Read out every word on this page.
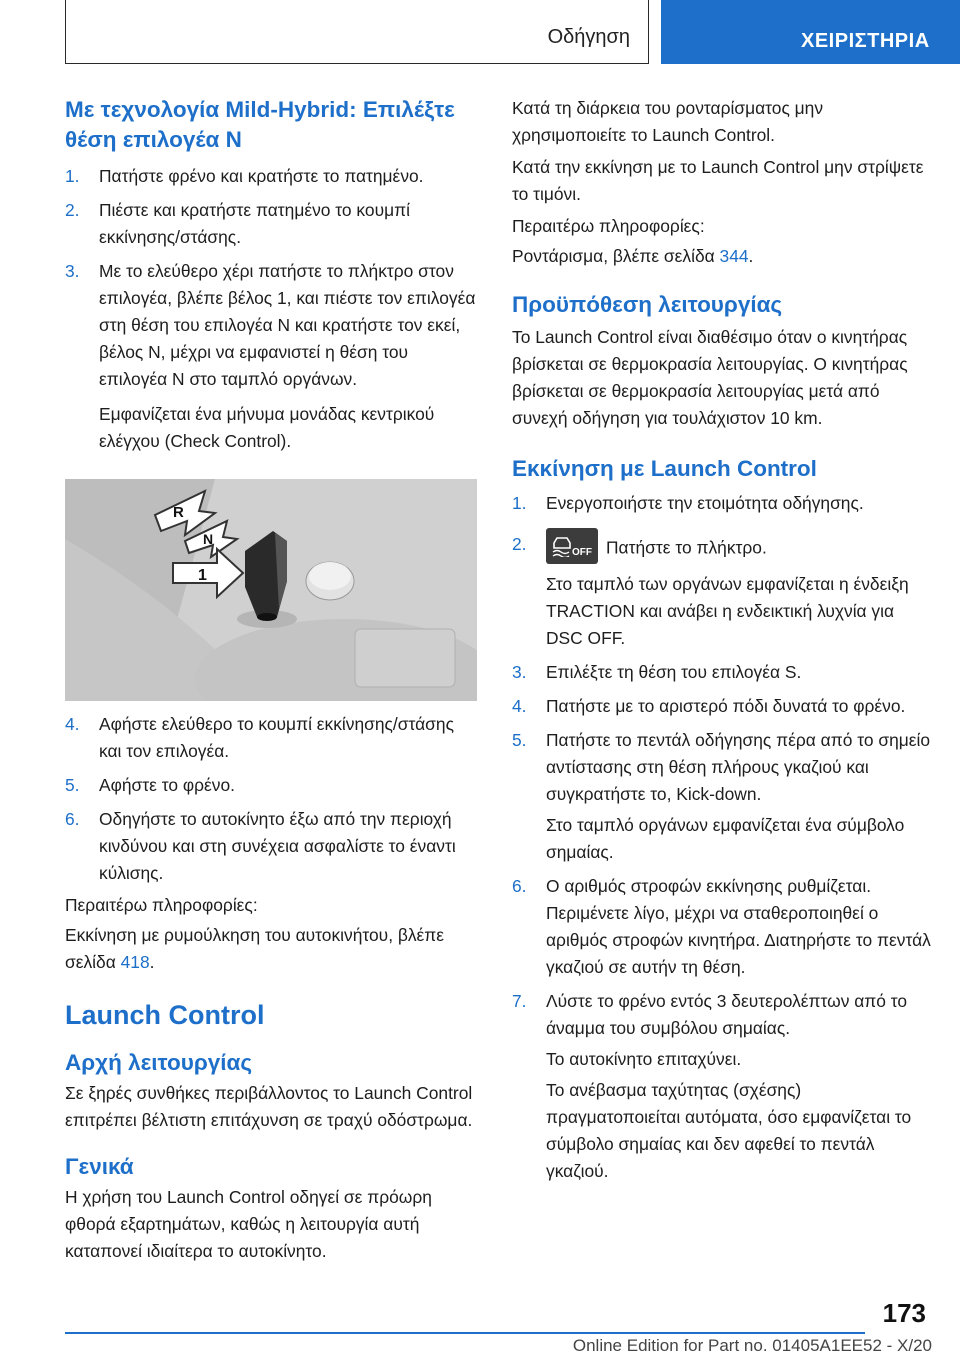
Οδήγηση	ΧΕΙΡΙΣΤΗΡΙΑ
Με τεχνολογία Mild-Hybrid: Επιλέξτε θέση επιλογέα N
1. Πατήστε φρένο και κρατήστε το πατημένο.
2. Πιέστε και κρατήστε πατημένο το κουμπί εκκίνησης/στάσης.
3. Με το ελεύθερο χέρι πατήστε το πλήκτρο στον επιλογέα, βλέπε βέλος 1, και πιέστε τον επιλογέα στη θέση του επιλογέα N και κρατήστε τον εκεί, βέλος N, μέχρι να εμφανιστεί η θέση του επιλογέα N στο ταμπλό οργάνων.
Εμφανίζεται ένα μήνυμα μονάδας κεντρικού ελέγχου (Check Control).
R
N
1
4. Αφήστε ελεύθερο το κουμπί εκκίνησης/στάσης και τον επιλογέα.
5. Αφήστε το φρένο.
6. Οδηγήστε το αυτοκίνητο έξω από την περιοχή κινδύνου και στη συνέχεια ασφαλίστε το έναντι κύλισης.

Περαιτέρω πληροφορίες:

Εκκίνηση με ρυμούλκηση του αυτοκινήτου, βλέπε σελίδα 418.

Launch Control
Αρχή λειτουργίας

Σε ξηρές συνθήκες περιβάλλοντος το Launch Control επιτρέπει βέλτιστη επιτάχυνση σε τραχύ οδόστρωμα.

Γενικά

Η χρήση του Launch Control οδηγεί σε πρόωρη φθορά εξαρτημάτων, καθώς η λειτουργία αυτή καταπονεί ιδιαίτερα το αυτοκίνητο.

Κατά τη διάρκεια του ρονταρίσματος μην χρησιμοποιείτε το Launch Control.

Κατά την εκκίνηση με το Launch Control μην στρίψετε το τιμόνι.

Περαιτέρω πληροφορίες:

Ροντάρισμα, βλέπε σελίδα 344.

Προϋπόθεση λειτουργίας

Το Launch Control είναι διαθέσιμο όταν ο κινητήρας βρίσκεται σε θερμοκρασία λειτουργίας. Ο κινητήρας βρίσκεται σε θερμοκρασία λειτουργίας μετά από συνεχή οδήγηση για τουλάχιστον 10 km.

Εκκίνηση με Launch Control
1. Ενεργοποιήστε την ετοιμότητα οδήγησης.
2.	OFF Πατήστε το πλήκτρο.
Στο ταμπλό των οργάνων εμφανίζεται η ένδειξη TRACTION και ανάβει η ενδεικτική λυχνία για DSC OFF.
3. Επιλέξτε τη θέση του επιλογέα S.
4. Πατήστε με το αριστερό πόδι δυνατά το φρένο.
5. Πατήστε το πεντάλ οδήγησης πέρα από το σημείο αντίστασης στη θέση πλήρους γκαζιού και συγκρατήστε το, Kick-down.
Στο ταμπλό οργάνων εμφανίζεται ένα σύμβολο σημαίας.
6. Ο αριθμός στροφών εκκίνησης ρυθμίζεται. Περιμένετε λίγο, μέχρι να σταθεροποιηθεί ο αριθμός στροφών κινητήρα. Διατηρήστε το πεντάλ γκαζιού σε αυτήν τη θέση.
7. Λύστε το φρένο εντός 3 δευτερολέπτων από το άναμμα του συμβόλου σημαίας.
Το αυτοκίνητο επιταχύνει.
Το ανέβασμα ταχύτητας (σχέσης) πραγματοποιείται αυτόματα, όσο εμφανίζεται το σύμβολο σημαίας και δεν αφεθεί το πεντάλ γκαζιού.
173
Online Edition for Part no. 01405A1EE52 - X/20
